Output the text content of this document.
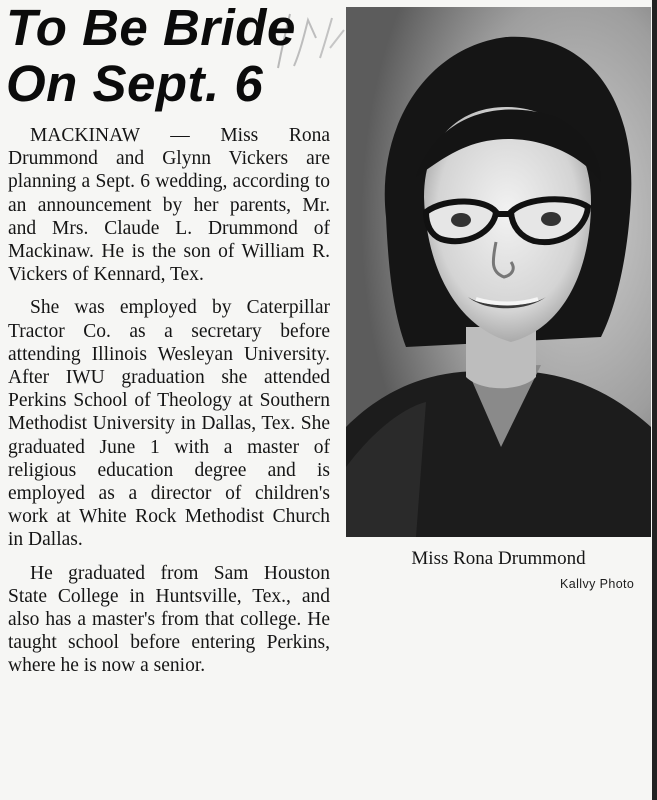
To Be Bride
On Sept. 6

MACKINAW — Miss Rona Drummond and Glynn Vickers are planning a Sept. 6 wedding, according to an announcement by her parents, Mr. and Mrs. Claude L. Drummond of Mackinaw. He is the son of William R. Vickers of Kennard, Tex.

She was employed by Caterpillar Tractor Co. as a secretary before attending Illinois Wesleyan University. After IWU graduation she attended Perkins School of Theology at Southern Methodist University in Dallas, Tex. She graduated June 1 with a master of religious education degree and is employed as a director of children's work at White Rock Methodist Church in Dallas.

He graduated from Sam Houston State College in Huntsville, Tex., and also has a master's from that college. He taught school before entering Perkins, where he is now a senior.

Miss Rona Drummond
Kallvy Photo
